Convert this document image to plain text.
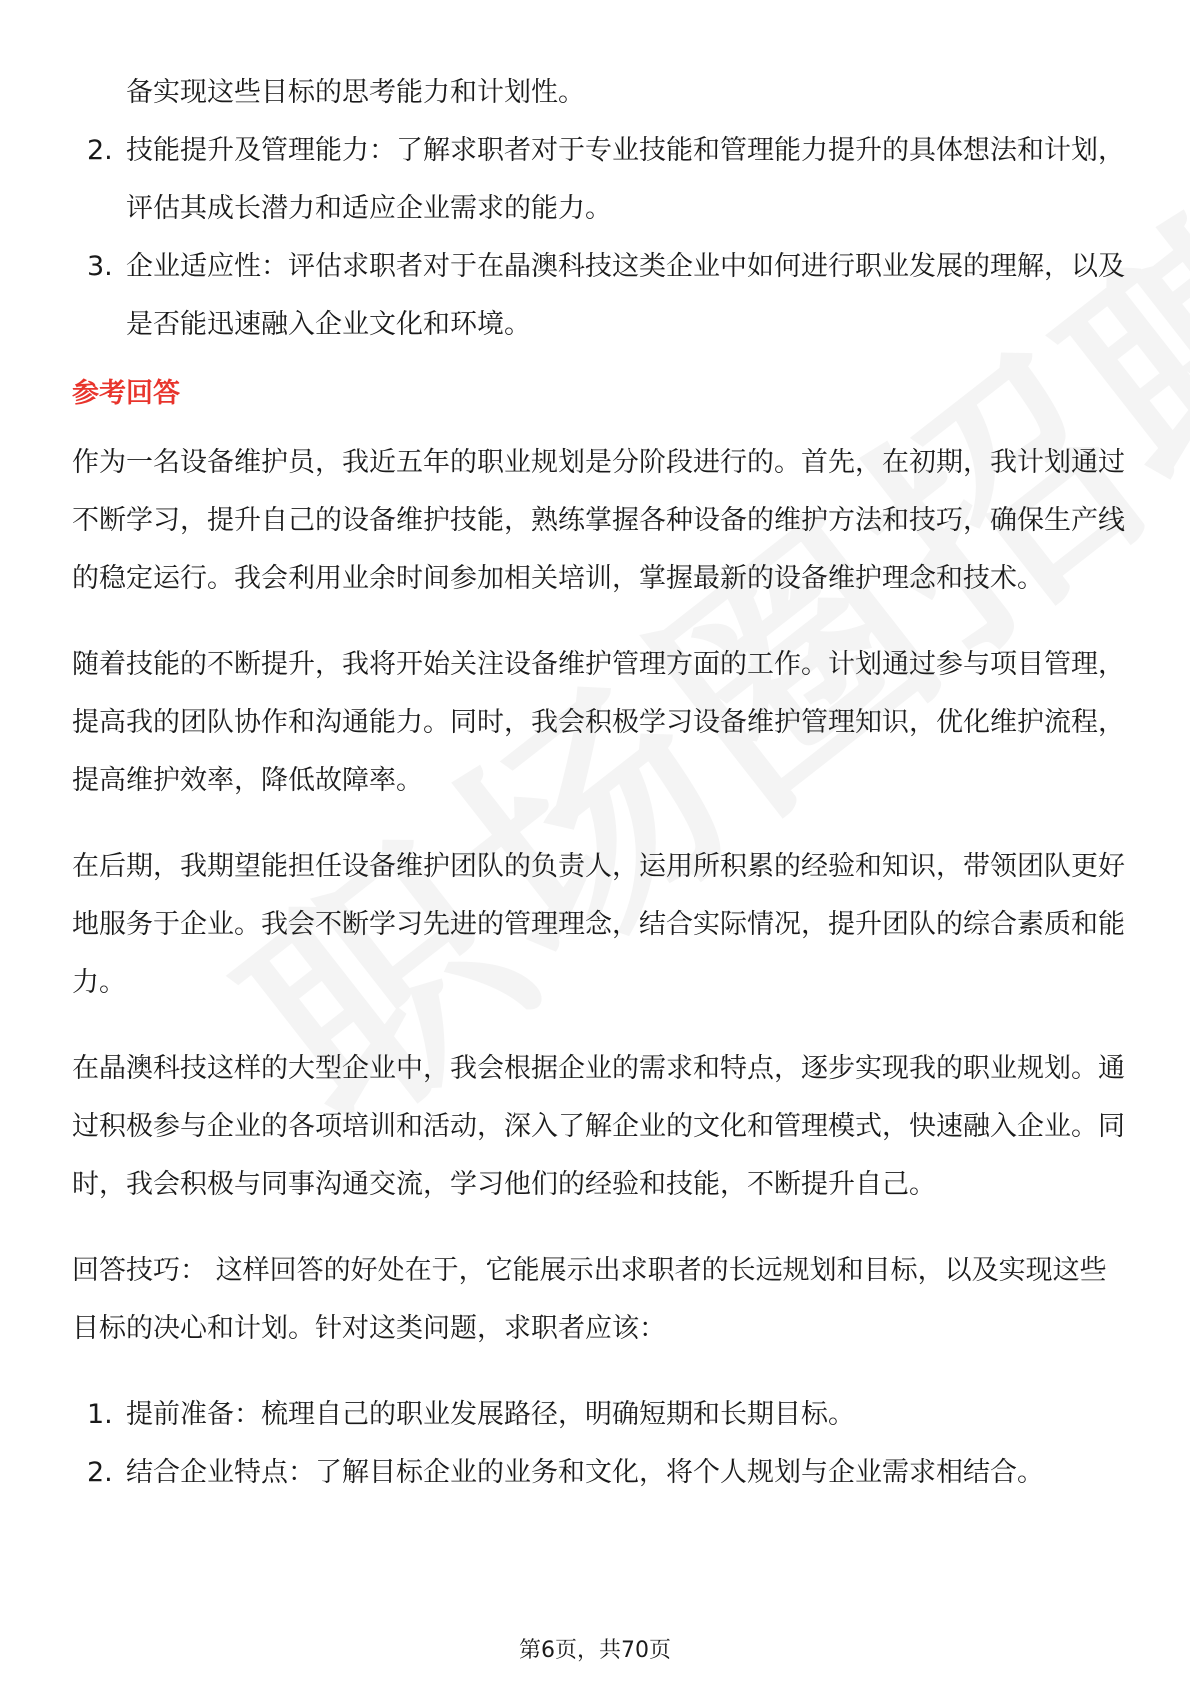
备实现这些目标的思考能力和计划性。
2. 技能提升及管理能力：了解求职者对于专业技能和管理能力提升的具体想法和计划，评估其成长潜力和适应企业需求的能力。
3. 企业适应性：评估求职者对于在晶澳科技这类企业中如何进行职业发展的理解，以及是否能迅速融入企业文化和环境。
参考回答

作为一名设备维护员，我近五年的职业规划是分阶段进行的。首先，在初期，我计划通过不断学习，提升自己的设备维护技能，熟练掌握各种设备的维护方法和技巧，确保生产线的稳定运行。我会利用业余时间参加相关培训，掌握最新的设备维护理念和技术。

随着技能的不断提升，我将开始关注设备维护管理方面的工作。计划通过参与项目管理，提高我的团队协作和沟通能力。同时，我会积极学习设备维护管理知识，优化维护流程，提高维护效率，降低故障率。

在后期，我期望能担任设备维护团队的负责人，运用所积累的经验和知识，带领团队更好地服务于企业。我会不断学习先进的管理理念，结合实际情况，提升团队的综合素质和能力。

在晶澳科技这样的大型企业中，我会根据企业的需求和特点，逐步实现我的职业规划。通过积极参与企业的各项培训和活动，深入了解企业的文化和管理模式，快速融入企业。同时，我会积极与同事沟通交流，学习他们的经验和技能，不断提升自己。

回答技巧： 这样回答的好处在于，它能展示出求职者的长远规划和目标，以及实现这些目标的决心和计划。针对这类问题，求职者应该：

1. 提前准备：梳理自己的职业发展路径，明确短期和长期目标。
2. 结合企业特点：了解目标企业的业务和文化，将个人规划与企业需求相结合。
第6页，共70页
